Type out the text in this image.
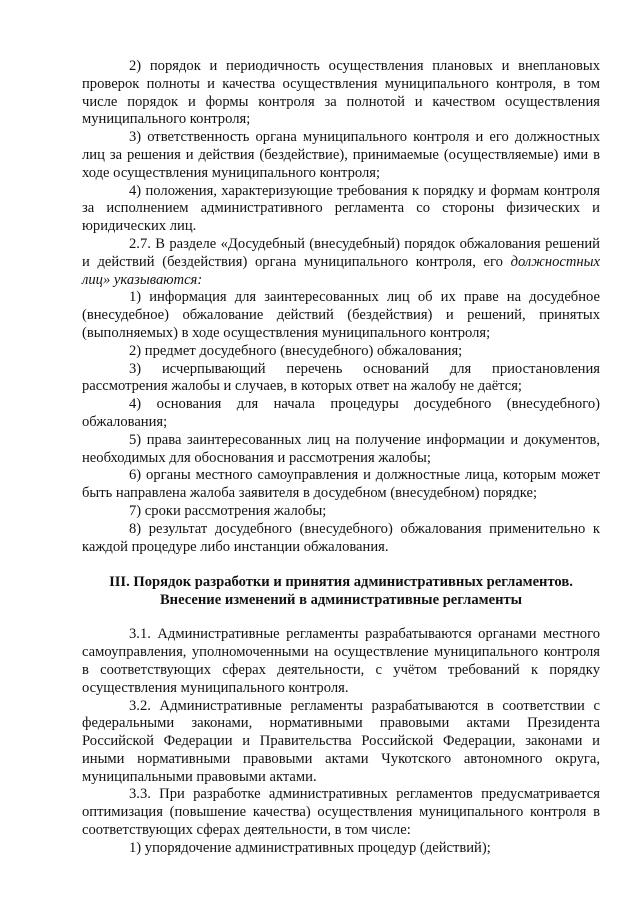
2) порядок и периодичность осуществления плановых и внеплановых проверок полноты и качества осуществления муниципального контроля, в том числе порядок и формы контроля за полнотой и качеством осуществления муниципального контроля;

3) ответственность органа муниципального контроля и его должностных лиц за решения и действия (бездействие), принимаемые (осуществляемые) ими в ходе осуществления муниципального контроля;

4) положения, характеризующие требования к порядку и формам контроля за исполнением административного регламента со стороны физических и юридических лиц.

2.7. В разделе «Досудебный (внесудебный) порядок обжалования решений и действий (бездействия) органа муниципального контроля, его должностных лиц» указываются:

1) информация для заинтересованных лиц об их праве на досудебное (внесудебное) обжалование действий (бездействия) и решений, принятых (выполняемых) в ходе осуществления муниципального контроля;

2) предмет досудебного (внесудебного) обжалования;

3) исчерпывающий перечень оснований для приостановления рассмотрения жалобы и случаев, в которых ответ на жалобу не даётся;

4) основания для начала процедуры досудебного (внесудебного) обжалования;

5) права заинтересованных лиц на получение информации и документов, необходимых для обоснования и рассмотрения жалобы;

6) органы местного самоуправления и должностные лица, которым может быть направлена жалоба заявителя в досудебном (внесудебном) порядке;

7) сроки рассмотрения жалобы;

8) результат досудебного (внесудебного) обжалования применительно к каждой процедуре либо инстанции обжалования.

III. Порядок разработки и принятия административных регламентов.
Внесение изменений в административные регламенты

3.1. Административные регламенты разрабатываются органами местного самоуправления, уполномоченными на осуществление муниципального контроля в соответствующих сферах деятельности, с учётом требований к порядку осуществления муниципального контроля.

3.2. Административные регламенты разрабатываются в соответствии с федеральными законами, нормативными правовыми актами Президента Российской Федерации и Правительства Российской Федерации, законами и иными нормативными правовыми актами Чукотского автономного округа, муниципальными правовыми актами.

3.3. При разработке административных регламентов предусматривается оптимизация (повышение качества) осуществления муниципального контроля в соответствующих сферах деятельности, в том числе:

1) упорядочение административных процедур (действий);
